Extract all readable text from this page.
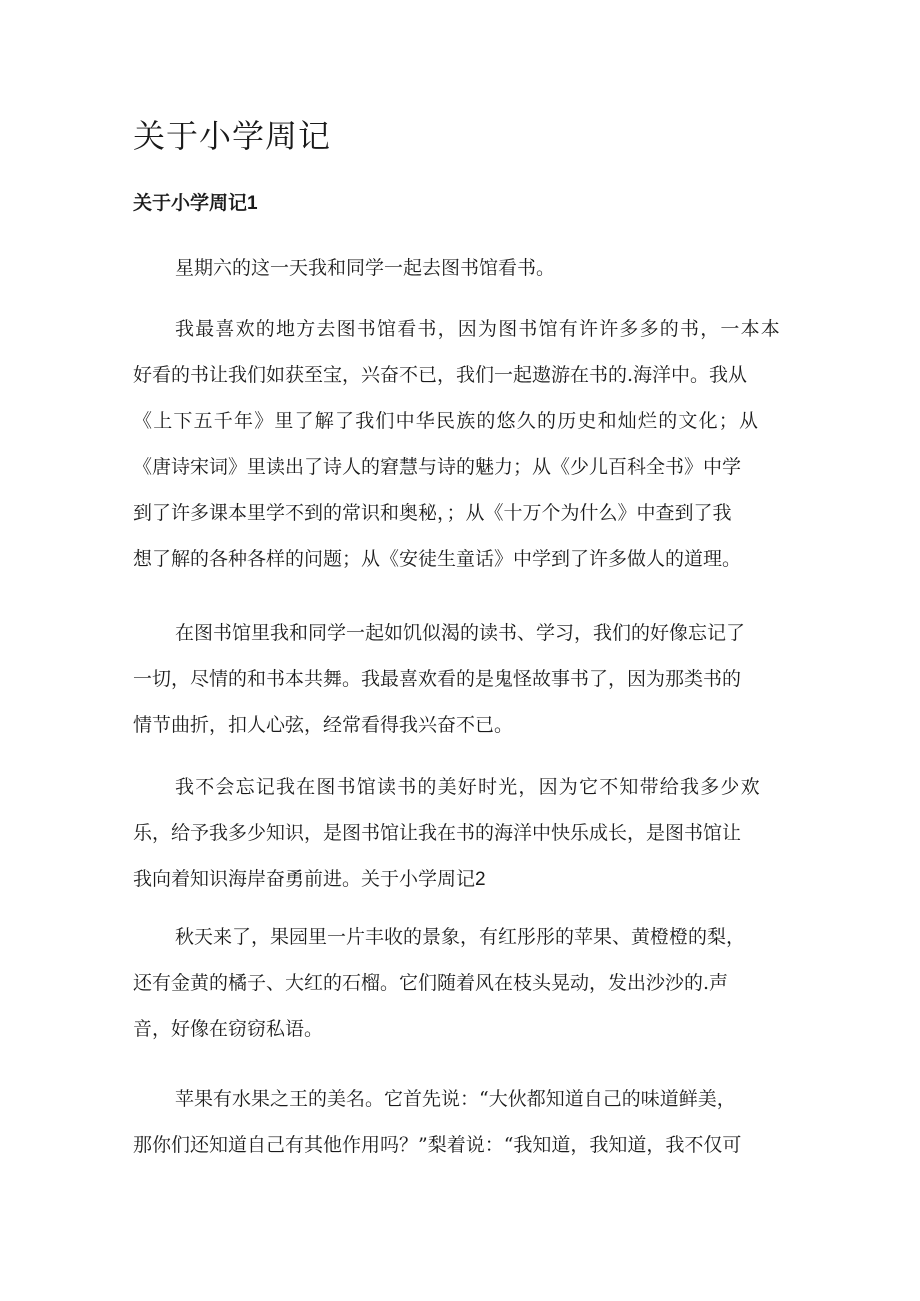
关于小学周记
关于小学周记1
星期六的这一天我和同学一起去图书馆看书。
我最喜欢的地方去图书馆看书，因为图书馆有许许多多的书，一本本
好看的书让我们如获至宝，兴奋不已，我们一起遨游在书的.海洋中。我从
《上下五千年》里了解了我们中华民族的悠久的历史和灿烂的文化；从
《唐诗宋词》里读出了诗人的窘慧与诗的魅力；从《少儿百科全书》中学
到了许多课本里学不到的常识和奥秘，；从《十万个为什么》中查到了我
想了解的各种各样的问题；从《安徒生童话》中学到了许多做人的道理。
在图书馆里我和同学一起如饥似渴的读书、学习，我们的好像忘记了
一切，尽情的和书本共舞。我最喜欢看的是鬼怪故事书了，因为那类书的
情节曲折，扣人心弦，经常看得我兴奋不已。
我不会忘记我在图书馆读书的美好时光，因为它不知带给我多少欢
乐，给予我多少知识，是图书馆让我在书的海洋中快乐成长，是图书馆让
我向着知识海岸奋勇前进。关于小学周记2
秋天来了，果园里一片丰收的景象，有红彤彤的苹果、黄橙橙的梨，
还有金黄的橘子、大红的石榴。它们随着风在枝头晃动，发出沙沙的.声
音，好像在窃窃私语。
苹果有水果之王的美名。它首先说：“大伙都知道自己的味道鲜美，
那你们还知道自己有其他作用吗？”梨着说：“我知道，我知道，我不仅可
